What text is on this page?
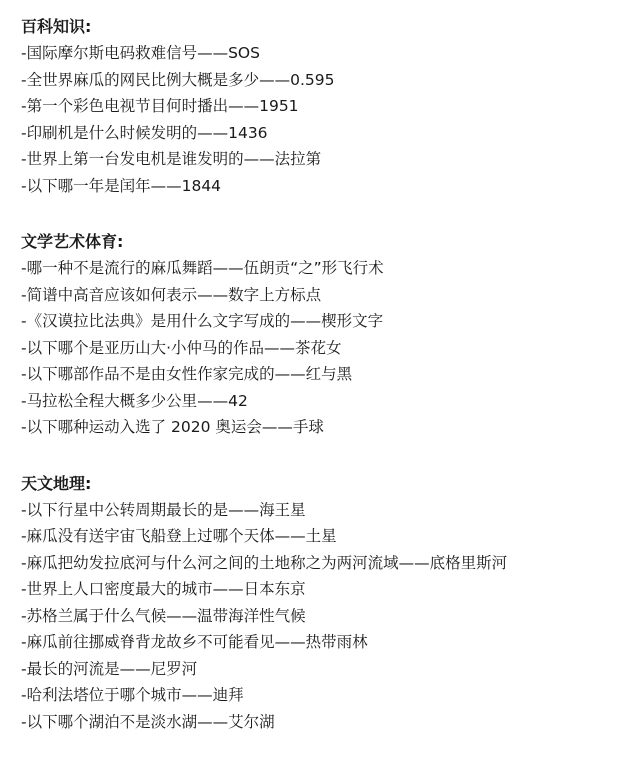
百科知识:
-国际摩尔斯电码救难信号——SOS
-全世界麻瓜的网民比例大概是多少——0.595
-第一个彩色电视节目何时播出——1951
-印刷机是什么时候发明的——1436
-世界上第一台发电机是谁发明的——法拉第
-以下哪一年是闰年——1844
文学艺术体育:
-哪一种不是流行的麻瓜舞蹈——伍朗贡“之”形飞行术
-简谱中高音应该如何表示——数字上方标点
-《汉谟拉比法典》是用什么文字写成的——楔形文字
-以下哪个是亚历山大·小仲马的作品——茶花女
-以下哪部作品不是由女性作家完成的——红与黑
-马拉松全程大概多少公里——42
-以下哪种运动入选了 2020 奥运会——手球
天文地理:
-以下行星中公转周期最长的是——海王星
-麻瓜没有送宇宙飞船登上过哪个天体——土星
-麻瓜把幼发拉底河与什么河之间的土地称之为两河流域——底格里斯河
-世界上人口密度最大的城市——日本东京
-苏格兰属于什么气候——温带海洋性气候
-麻瓜前往挪威脊背龙故乡不可能看见——热带雨林
-最长的河流是——尼罗河
-哈利法塔位于哪个城市——迪拜
-以下哪个湖泊不是淡水湖——艾尔湖
